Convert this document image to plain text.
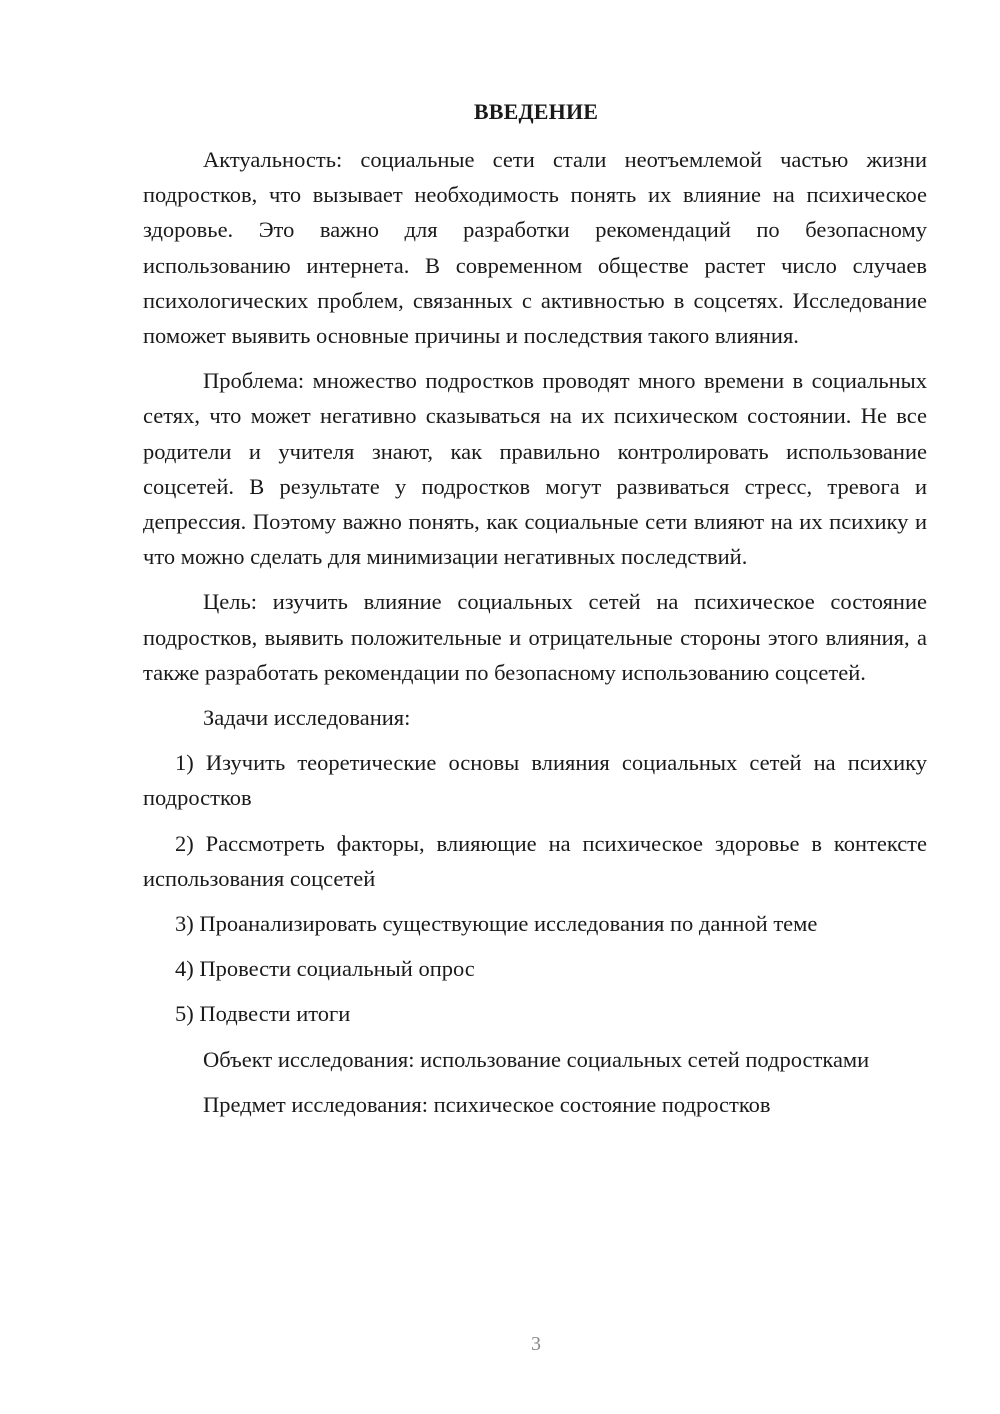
ВВЕДЕНИЕ

Актуальность: социальные сети стали неотъемлемой частью жизни подростков, что вызывает необходимость понять их влияние на психическое здоровье. Это важно для разработки рекомендаций по безопасному использованию интернета. В современном обществе растет число случаев психологических проблем, связанных с активностью в соцсетях. Исследование поможет выявить основные причины и последствия такого влияния.

Проблема: множество подростков проводят много времени в социальных сетях, что может негативно сказываться на их психическом состоянии. Не все родители и учителя знают, как правильно контролировать использование соцсетей. В результате у подростков могут развиваться стресс, тревога и депрессия. Поэтому важно понять, как социальные сети влияют на их психику и что можно сделать для минимизации негативных последствий.

Цель: изучить влияние социальных сетей на психическое состояние подростков, выявить положительные и отрицательные стороны этого влияния, а также разработать рекомендации по безопасному использованию соцсетей.

Задачи исследования:

1) Изучить теоретические основы влияния социальных сетей на психику подростков

2) Рассмотреть факторы, влияющие на психическое здоровье в контексте использования соцсетей

3) Проанализировать существующие исследования по данной теме

4) Провести социальный опрос

5) Подвести итоги

Объект исследования: использование социальных сетей подростками

Предмет исследования: психическое состояние подростков

3
